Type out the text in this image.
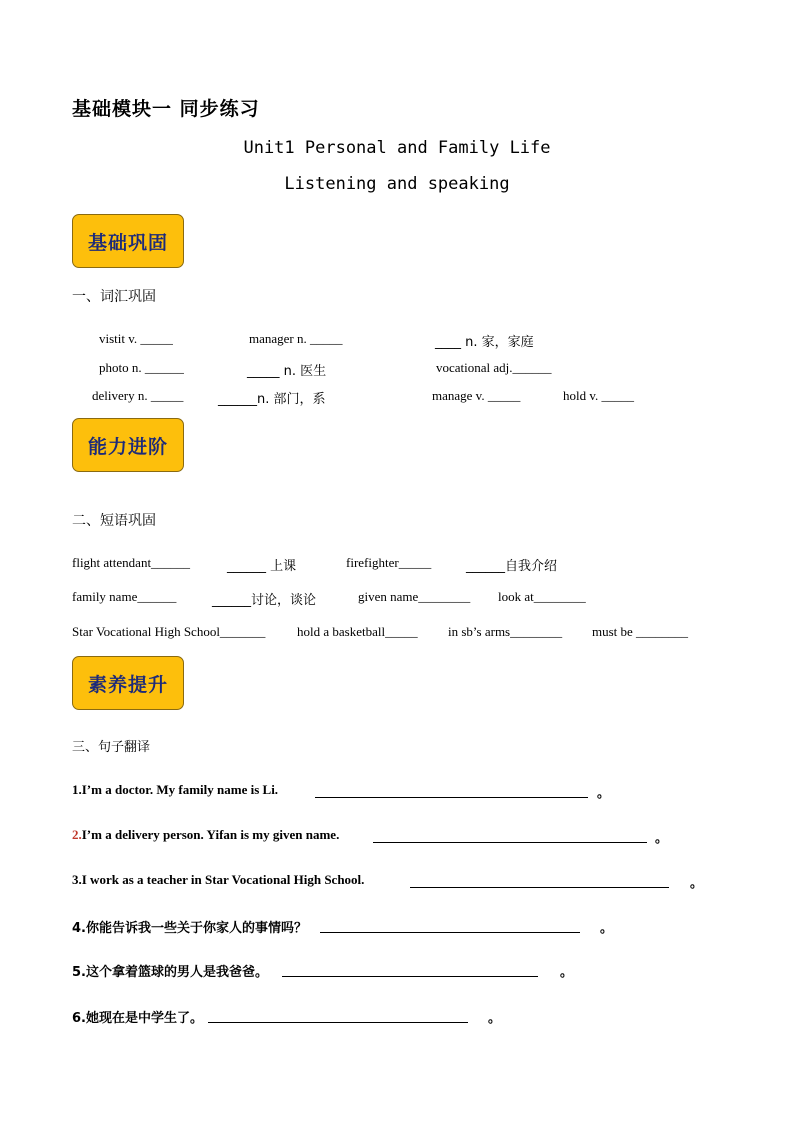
基础模块一 同步练习
Unit1 Personal and Family Life
Listening and speaking
基础巩固
一、词汇巩固
vistit v. _____	manager n. _____	____ n. 家，家庭
photo n. ______	_____ n. 医生	vocational adj.______
delivery n. _____	______n. 部门，系	manage v. _____	hold v. _____
能力进阶
二、短语巩固
flight attendant______	______ 上课	firefighter_____	______自我介绍
family name______	______讨论，谈论	given name________ look at________
Star Vocational High School_______ hold a basketball_____ in sb’s arms________ must be ________
素养提升
三、句子翻译
1.I’m a doctor. My family name is Li.	。
2.I’m a delivery person. Yifan is my given name.	。
3.I work as a teacher in Star Vocational High School.	。
4.你能告诉我一些关于你家人的事情吗？	。
5.这个拿着篮球的男人是我爸爸。	。
6.她现在是中学生了。	。
